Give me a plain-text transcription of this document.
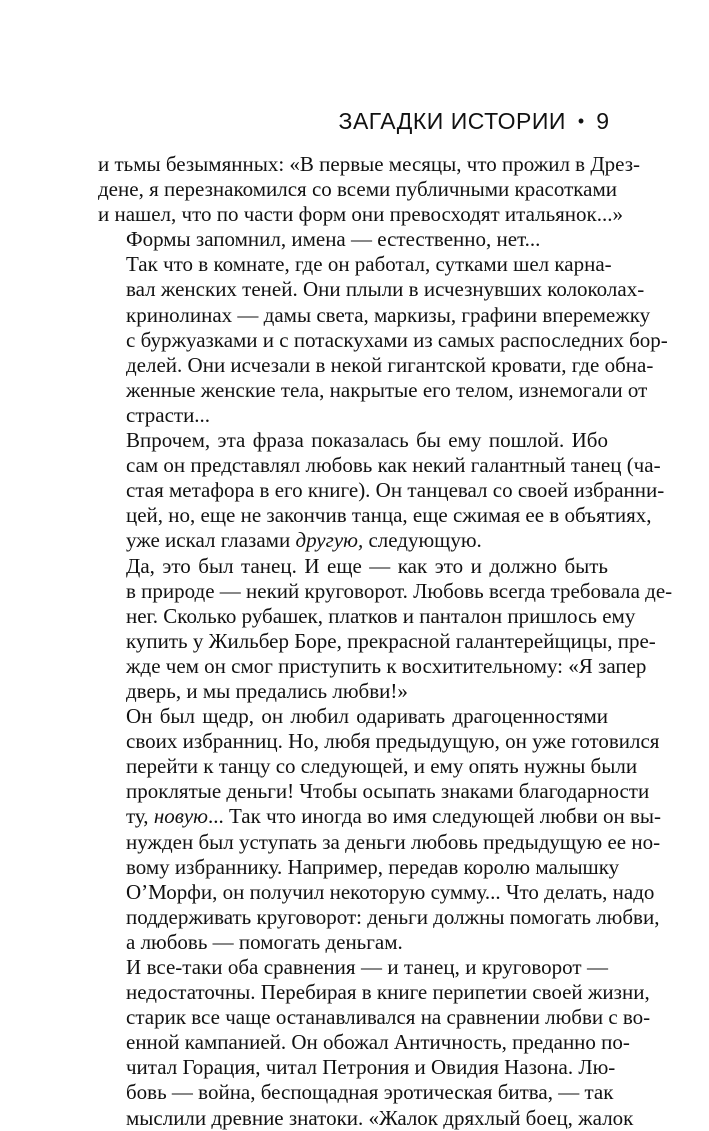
ЗАГАДКИ ИСТОРИИ • 9

и тьмы безымянных: «В первые месяцы, что прожил в Дрез-
дене, я перезнакомился со всеми публичными красотками
и нашел, что по части форм они превосходят итальянок...»

Формы запомнил, имена — естественно, нет...

Так что в комнате, где он работал, сутками шел карна-
вал женских теней. Они плыли в исчезнувших колоколах-
кринолинах — дамы света, маркизы, графини вперемежку
с буржуазками и с потаскухами из самых распоследних бор-
делей. Они исчезали в некой гигантской кровати, где обна-
женные женские тела, накрытые его телом, изнемогали от
страсти...

Впрочем, эта фраза показалась бы ему пошлой. Ибо
сам он представлял любовь как некий галантный танец (ча-
стая метафора в его книге). Он танцевал со своей избранни-
цей, но, еще не закончив танца, еще сжимая ее в объятиях,
уже искал глазами другую, следующую.

Да, это был танец. И еще — как это и должно быть
в природе — некий круговорот. Любовь всегда требовала де-
нег. Сколько рубашек, платков и панталон пришлось ему
купить у Жильбер Боре, прекрасной галантерейщицы, пре-
жде чем он смог приступить к восхитительному: «Я запер
дверь, и мы предались любви!»

Он был щедр, он любил одаривать драгоценностями
своих избранниц. Но, любя предыдущую, он уже готовился
перейти к танцу со следующей, и ему опять нужны были
проклятые деньги! Чтобы осыпать знаками благодарности
ту, новую... Так что иногда во имя следующей любви он вы-
нужден был уступать за деньги любовь предыдущую ее но-
вому избраннику. Например, передав королю малышку
О’Морфи, он получил некоторую сумму... Что делать, надо
поддерживать круговорот: деньги должны помогать любви,
а любовь — помогать деньгам.

И все-таки оба сравнения — и танец, и круговорот —
недостаточны. Перебирая в книге перипетии своей жизни,
старик все чаще останавливался на сравнении любви с во-
енной кампанией. Он обожал Античность, преданно по-
читал Горация, читал Петрония и Овидия Назона. Лю-
бовь — война, беспощадная эротическая битва, — так
мыслили древние знатоки. «Жалок дряхлый боец, жалок
